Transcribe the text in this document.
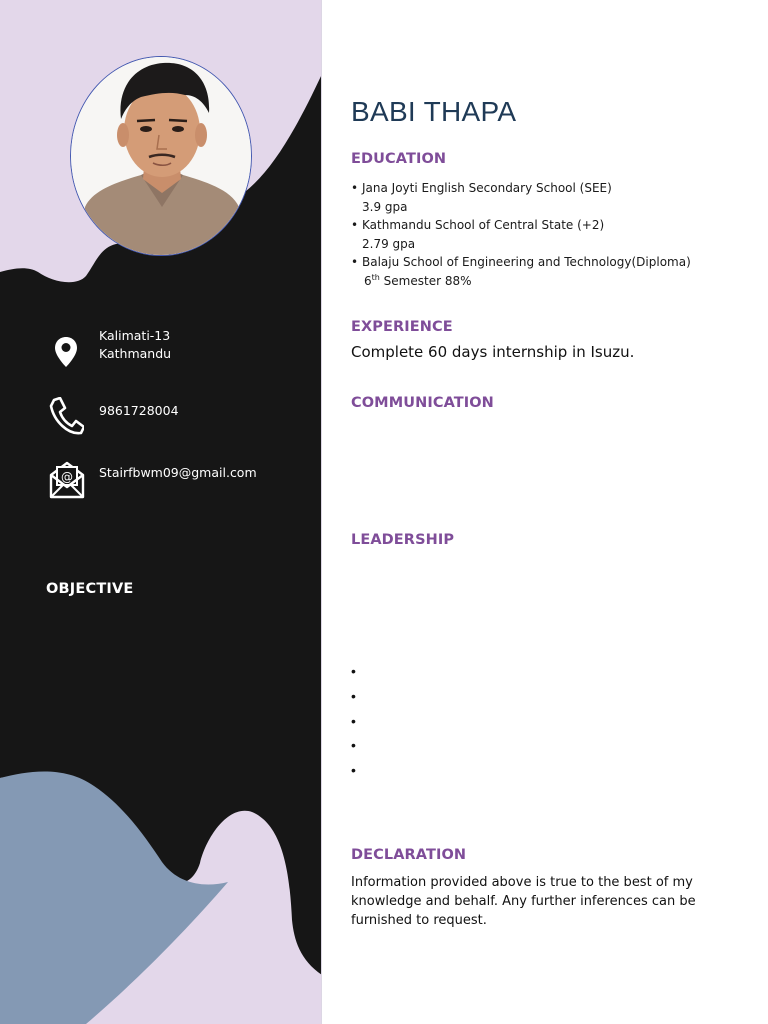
Kalimati-13
Kathmandu
9861728004
@ Stairfbwm09@gmail.com
OBJECTIVE
BABI THAPA
EDUCATION
• Jana Joyti English Secondary School (SEE)
3.9 gpa
• Kathmandu School of Central State (+2)
2.79 gpa
• Balaju School of Engineering and Technology(Diploma)
6th Semester 88%
EXPERIENCE
Complete 60 days internship in Isuzu.
COMMUNICATION
LEADERSHIP
•
•
•
•
•
DECLARATION
Information provided above is true to the best of my knowledge and behalf. Any further inferences can be furnished to request.
